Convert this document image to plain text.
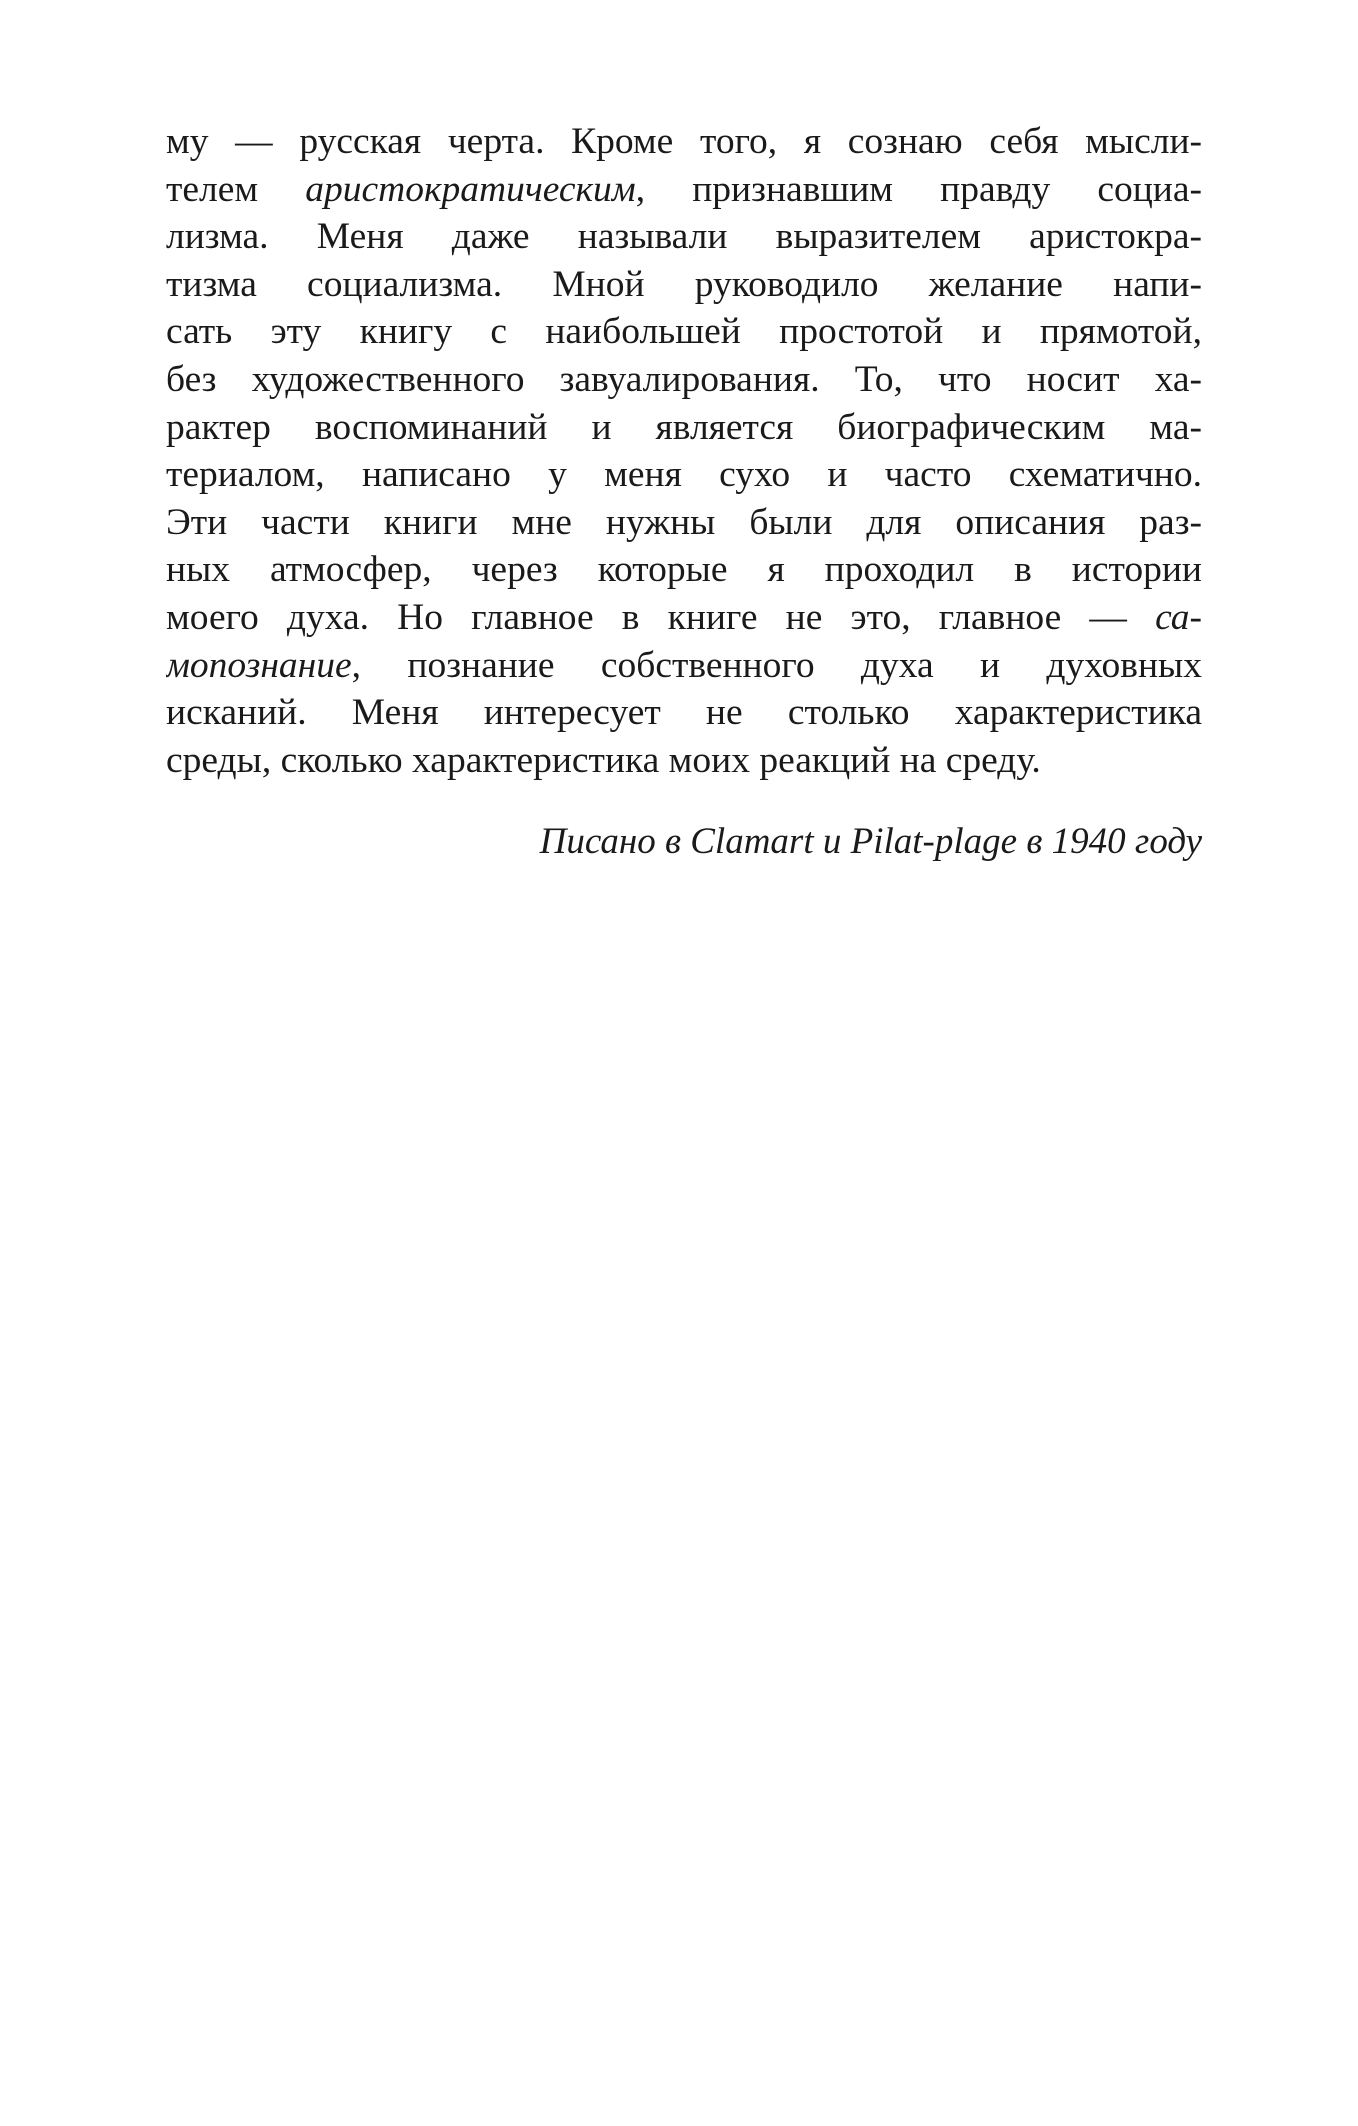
му — русская черта. Кроме того, я сознаю себя мысли-
телем аристократическим, признавшим правду социа-
лизма. Меня даже называли выразителем аристокра-
тизма социализма. Мной руководило желание напи-
сать эту книгу с наибольшей простотой и прямотой,
без художественного завуалирования. То, что носит ха-
рактер воспоминаний и является биографическим ма-
териалом, написано у меня сухо и часто схематично.
Эти части книги мне нужны были для описания раз-
ных атмосфер, через которые я проходил в истории
моего духа. Но главное в книге не это, главное — са-
мопознание, познание собственного духа и духовных
исканий. Меня интересует не столько характеристика
среды, сколько характеристика моих реакций на среду.
Писано в Clamart и Pilat-plage в 1940 году
